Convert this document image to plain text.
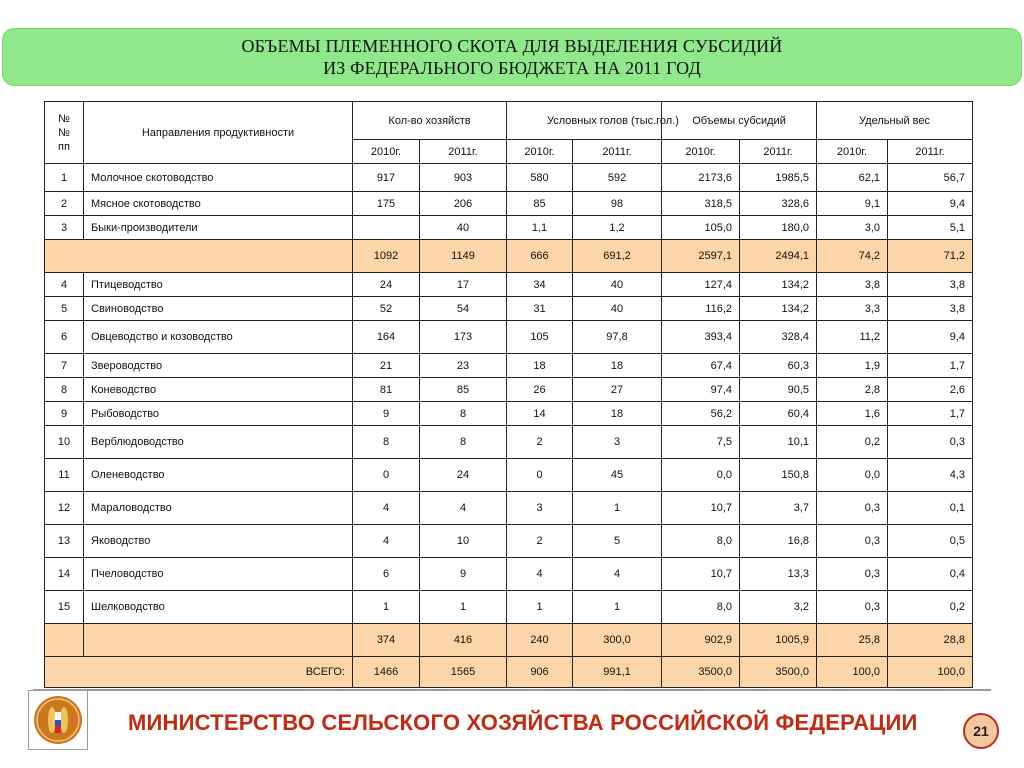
ОБЪЕМЫ ПЛЕМЕННОГО СКОТА ДЛЯ ВЫДЕЛЕНИЯ СУБСИДИЙ
ИЗ ФЕДЕРАЛЬНОГО БЮДЖЕТА НА 2011 ГОД
№
№
пп	Направления продуктивности	Кол-во хозяйств		Условных голов (тыс.гол.)		Объемы субсидий		Удельный вес	
		2010г.	2011г.	2010г.	2011г.	2010г.	2011г.	2010г.	2011г.
1	Молочное скотоводство	917	903	580	592	2173,6	1985,5	62,1	56,7
2	Мясное скотоводство	175	206	85	98	318,5	328,6	9,1	9,4
3	Быки-производители		40	1,1	1,2	105,0	180,0	3,0	5,1
		1092	1149	666	691,2	2597,1	2494,1	74,2	71,2
4	Птицеводство	24	17	34	40	127,4	134,2	3,8	3,8
5	Свиноводство	52	54	31	40	116,2	134,2	3,3	3,8
6	Овцеводство и козоводство	164	173	105	97,8	393,4	328,4	11,2	9,4
7	Звероводство	21	23	18	18	67,4	60,3	1,9	1,7
8	Коневодство	81	85	26	27	97,4	90,5	2,8	2,6
9	Рыбоводство	9	8	14	18	56,2	60,4	1,6	1,7
10	Верблюдоводство	8	8	2	3	7,5	10,1	0,2	0,3
11	Оленеводство	0	24	0	45	0,0	150,8	0,0	4,3
12	Мараловодство	4	4	3	1	10,7	3,7	0,3	0,1
13	Яководство	4	10	2	5	8,0	16,8	0,3	0,5
14	Пчеловодство	6	9	4	4	10,7	13,3	0,3	0,4
15	Шелководство	1	1	1	1	8,0	3,2	0,3	0,2
		374	416	240	300,0	902,9	1005,9	25,8	28,8
ВСЕГО:		1466	1565	906	991,1	3500,0	3500,0	100,0	100,0
МИНИСТЕРСТВО СЕЛЬСКОГО ХОЗЯЙСТВА РОССИЙСКОЙ ФЕДЕРАЦИИ	21
